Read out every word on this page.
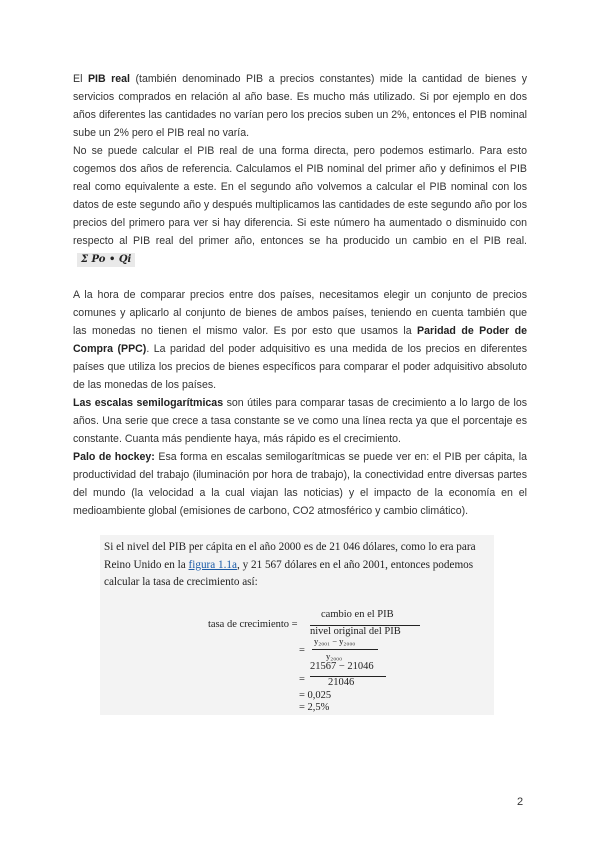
El PIB real (también denominado PIB a precios constantes) mide la cantidad de bienes y servicios comprados en relación al año base. Es mucho más utilizado. Si por ejemplo en dos años diferentes las cantidades no varían pero los precios suben un 2%, entonces el PIB nominal sube un 2% pero el PIB real no varía.

No se puede calcular el PIB real de una forma directa, pero podemos estimarlo. Para esto cogemos dos años de referencia. Calculamos el PIB nominal del primer año y definimos el PIB real como equivalente a este. En el segundo año volvemos a calcular el PIB nominal con los datos de este segundo año y después multiplicamos las cantidades de este segundo año por los precios del primero para ver si hay diferencia. Si este número ha aumentado o disminuido con respecto al PIB real del primer año, entonces se ha producido un cambio en el PIB real. Σ Po • Qi

A la hora de comparar precios entre dos países, necesitamos elegir un conjunto de precios comunes y aplicarlo al conjunto de bienes de ambos países, teniendo en cuenta también que las monedas no tienen el mismo valor. Es por esto que usamos la Paridad de Poder de Compra (PPC). La paridad del poder adquisitivo es una medida de los precios en diferentes países que utiliza los precios de bienes específicos para comparar el poder adquisitivo absoluto de las monedas de los países.

Las escalas semilogarítmicas son útiles para comparar tasas de crecimiento a lo largo de los años. Una serie que crece a tasa constante se ve como una línea recta ya que el porcentaje es constante. Cuanta más pendiente haya, más rápido es el crecimiento.

Palo de hockey: Esa forma en escalas semilogarítmicas se puede ver en: el PIB per cápita, la productividad del trabajo (iluminación por hora de trabajo), la conectividad entre diversas partes del mundo (la velocidad a la cual viajan las noticias) y el impacto de la economía en el medioambiente global (emisiones de carbono, CO2 atmosférico y cambio climático).

Si el nivel del PIB per cápita en el año 2000 es de 21 046 dólares, como lo era para Reino Unido en la figura 1.1a, y 21 567 dólares en el año 2001, entonces podemos calcular la tasa de crecimiento así:
tasa de crecimiento =
cambio en el PIB
nivel original del PIB
=
y₂₀₀₁ − y₂₀₀₀
y₂₀₀₀
=
21567 − 21046
21046
= 0,025
= 2,5%
2
